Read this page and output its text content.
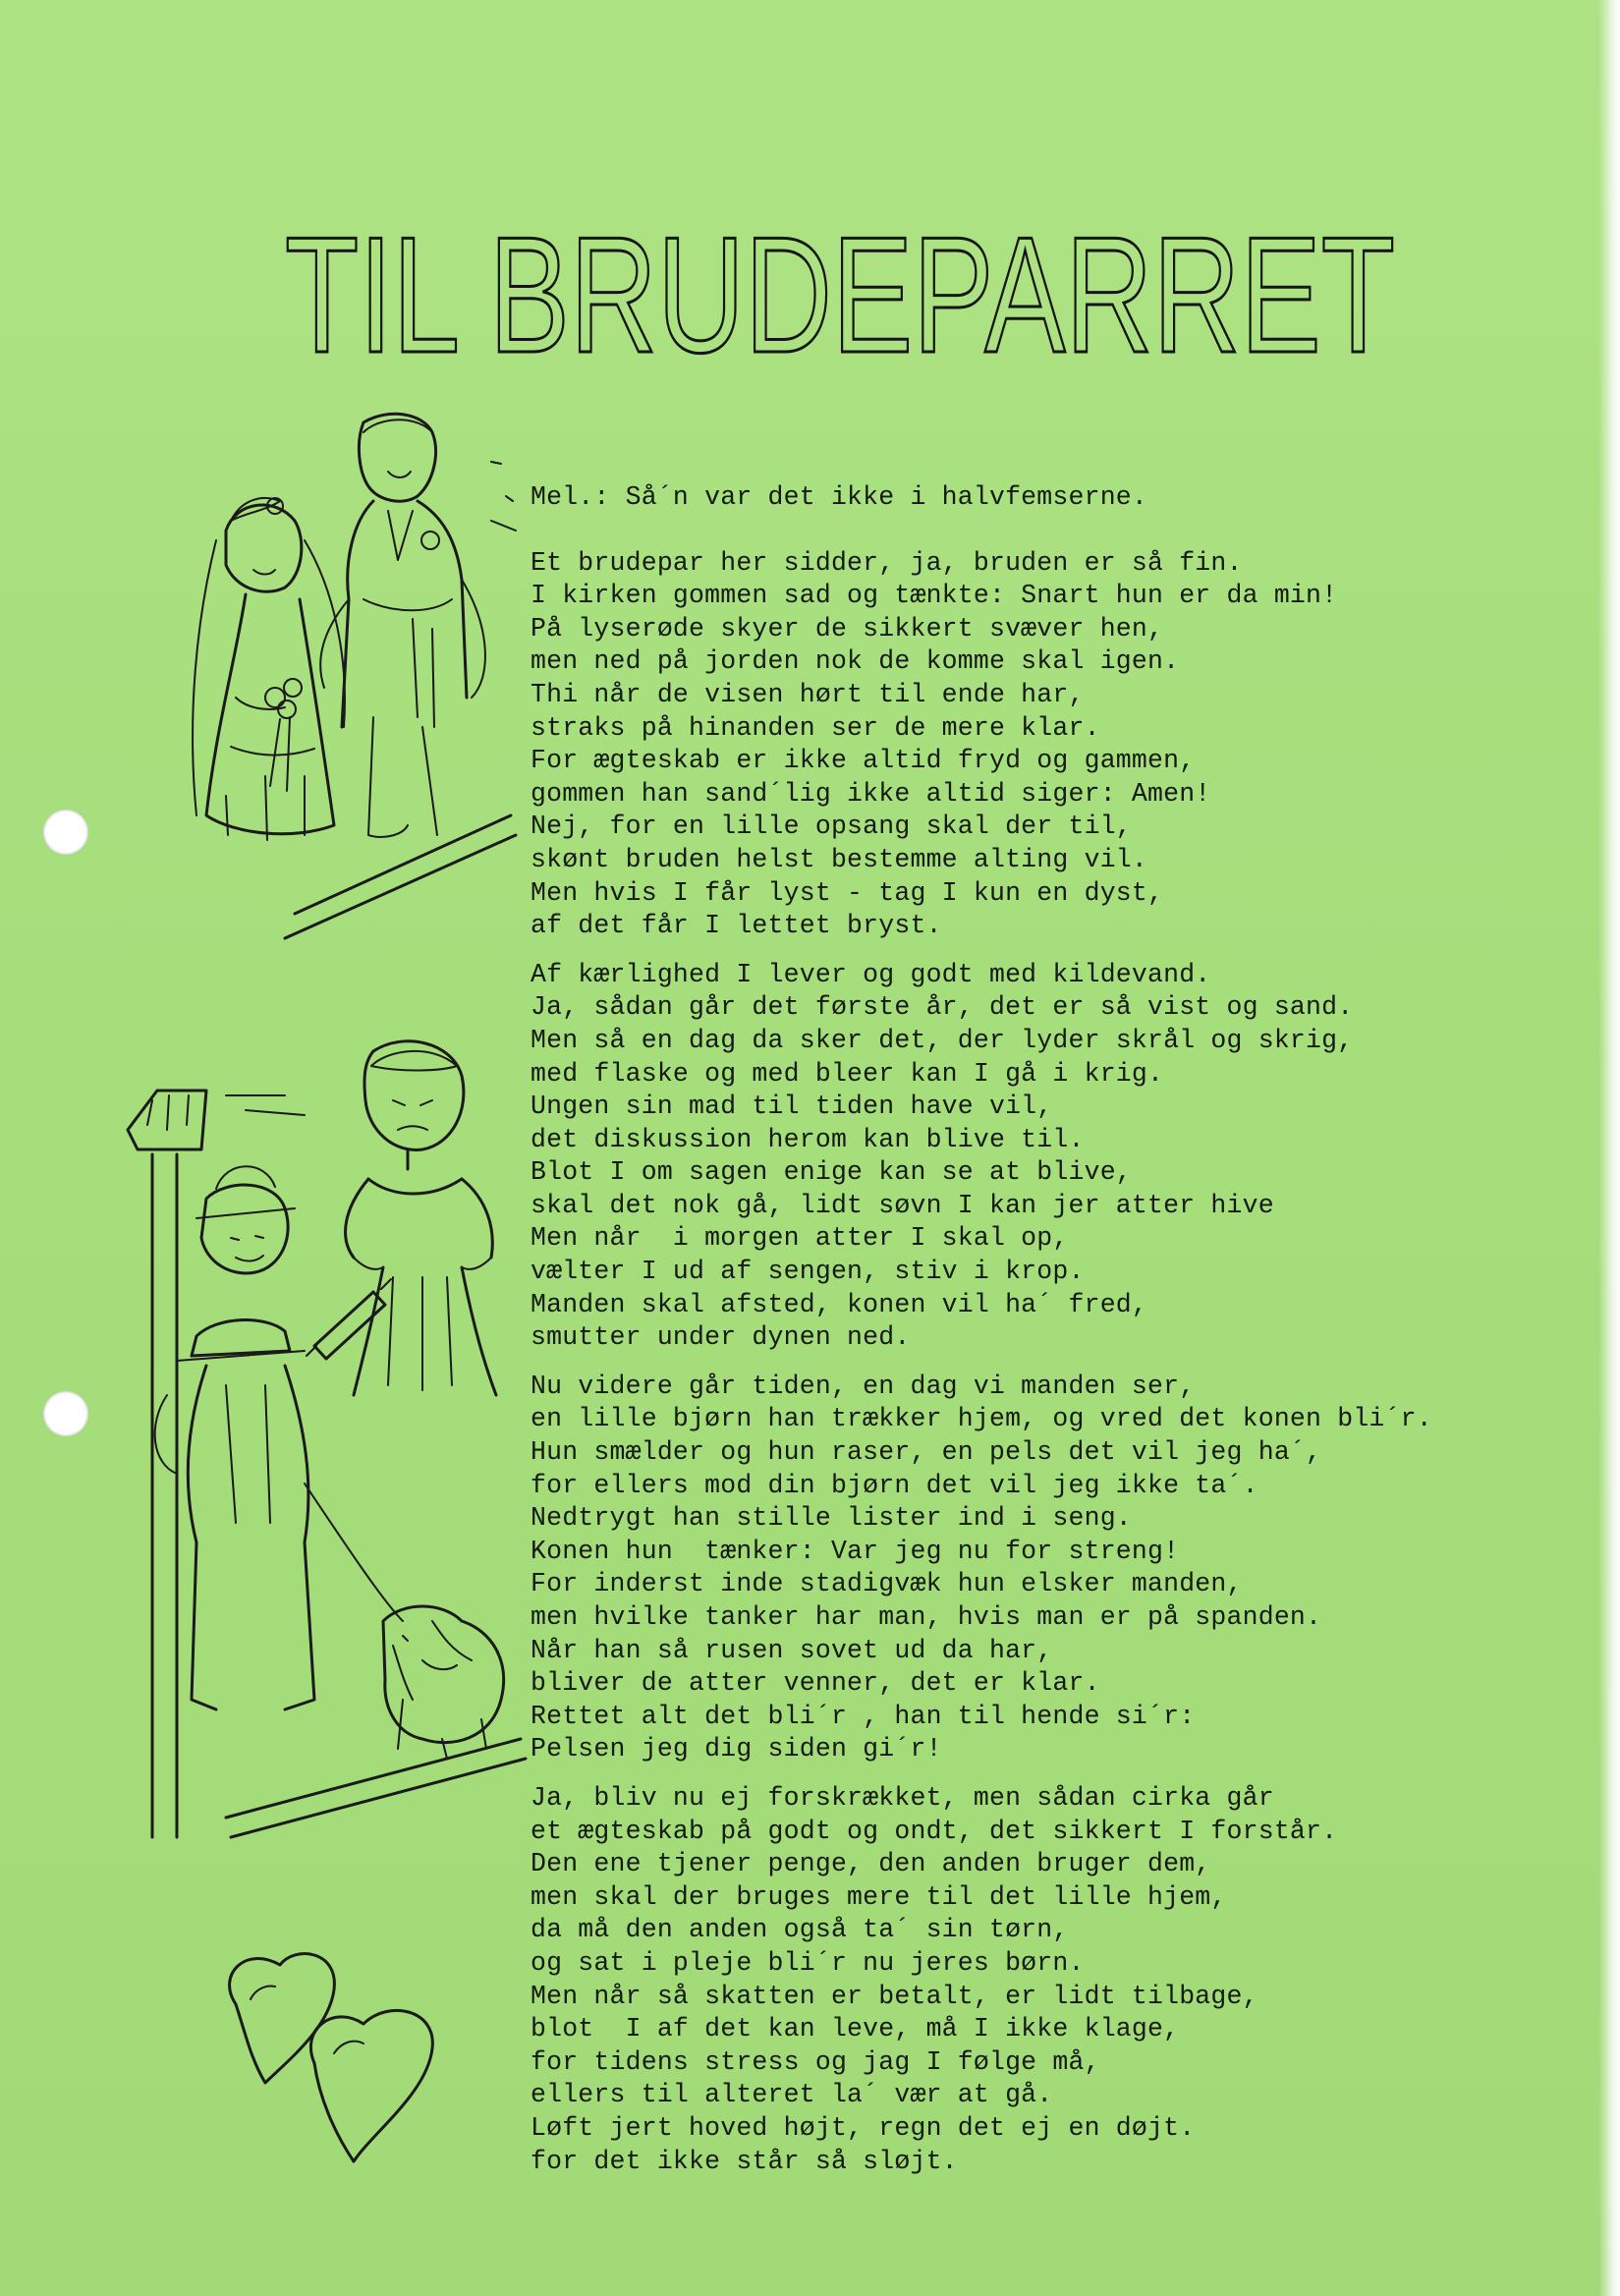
TIL BRUDEPARRET
Mel.: Så´n var det ikke i halvfemserne.
Et brudepar her sidder, ja, bruden er så fin.
I kirken gommen sad og tænkte: Snart hun er da min!
På lyserøde skyer de sikkert svæver hen,
men ned på jorden nok de komme skal igen.
Thi når de visen hørt til ende har,
straks på hinanden ser de mere klar.
For ægteskab er ikke altid fryd og gammen,
gommen han sand´lig ikke altid siger: Amen!
Nej, for en lille opsang skal der til,
skønt bruden helst bestemme alting vil.
Men hvis I får lyst - tag I kun en dyst,
af det får I lettet bryst.
Af kærlighed I lever og godt med kildevand.
Ja, sådan går det første år, det er så vist og sand.
Men så en dag da sker det, der lyder skrål og skrig,
med flaske og med bleer kan I gå i krig.
Ungen sin mad til tiden have vil,
det diskussion herom kan blive til.
Blot I om sagen enige kan se at blive,
skal det nok gå, lidt søvn I kan jer atter hive
Men når  i morgen atter I skal op,
vælter I ud af sengen, stiv i krop.
Manden skal afsted, konen vil ha´ fred,
smutter under dynen ned.
Nu videre går tiden, en dag vi manden ser,
en lille bjørn han trækker hjem, og vred det konen bli´r.
Hun smælder og hun raser, en pels det vil jeg ha´,
for ellers mod din bjørn det vil jeg ikke ta´.
Nedtrygt han stille lister ind i seng.
Konen hun  tænker: Var jeg nu for streng!
For inderst inde stadigvæk hun elsker manden,
men hvilke tanker har man, hvis man er på spanden.
Når han så rusen sovet ud da har,
bliver de atter venner, det er klar.
Rettet alt det bli´r , han til hende si´r:
Pelsen jeg dig siden gi´r!
Ja, bliv nu ej forskrækket, men sådan cirka går
et ægteskab på godt og ondt, det sikkert I forstår.
Den ene tjener penge, den anden bruger dem,
men skal der bruges mere til det lille hjem,
da må den anden også ta´ sin tørn,
og sat i pleje bli´r nu jeres børn.
Men når så skatten er betalt, er lidt tilbage,
blot  I af det kan leve, må I ikke klage,
for tidens stress og jag I følge må,
ellers til alteret la´ vær at gå.
Løft jert hoved højt, regn det ej en døjt.
for det ikke står så sløjt.
